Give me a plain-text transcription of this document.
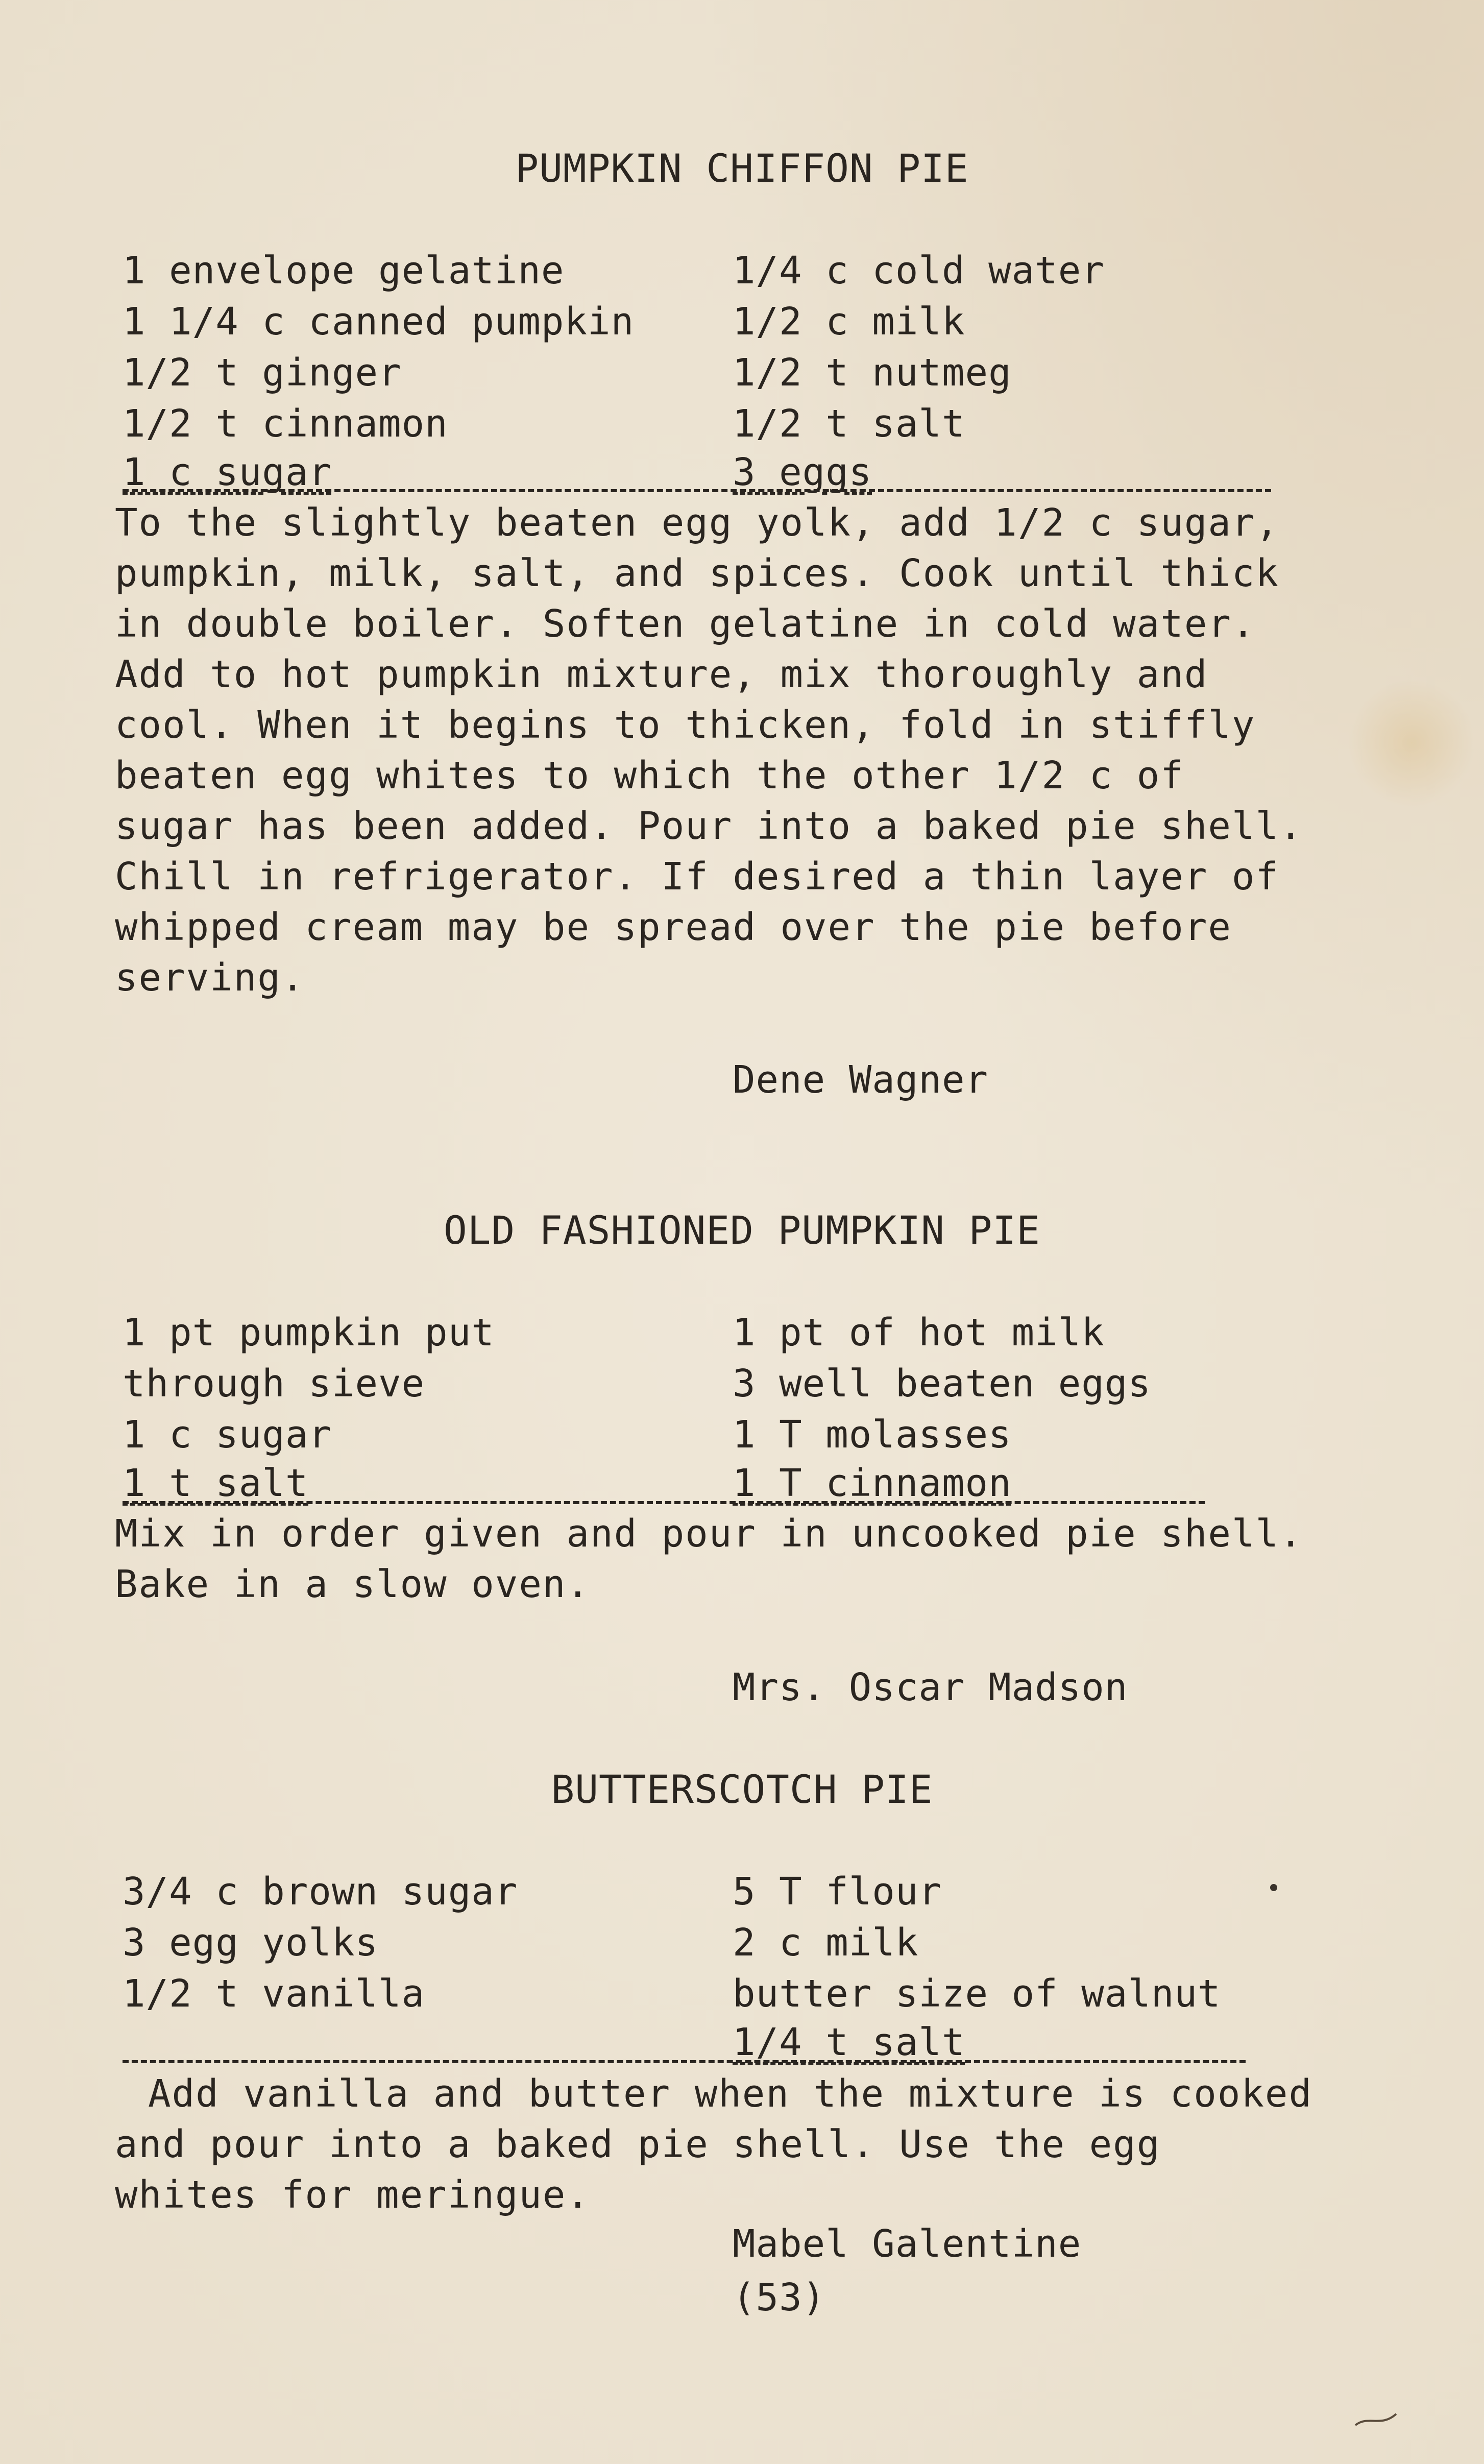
PUMPKIN CHIFFON PIE
1 envelope gelatine
1 1/4 c canned pumpkin
1/2 t ginger
1/2 t cinnamon
1 c sugar
1/4 c cold water
1/2 c milk
1/2 t nutmeg
1/2 t salt
3 eggs
To the slightly beaten egg yolk, add 1/2 c sugar,
pumpkin, milk, salt, and spices. Cook until thick
in double boiler. Soften gelatine in cold water.
Add to hot pumpkin mixture, mix thoroughly and
cool. When it begins to thicken, fold in stiffly
beaten egg whites to which the other 1/2 c of
sugar has been added. Pour into a baked pie shell.
Chill in refrigerator. If desired a thin layer of
whipped cream may be spread over the pie before
serving.
Dene Wagner
OLD FASHIONED PUMPKIN PIE
1 pt pumpkin put
through sieve
1 c sugar
1 t salt
1 pt of hot milk
3 well beaten eggs
1 T molasses
1 T cinnamon
Mix in order given and pour in uncooked pie shell.
Bake in a slow oven.
Mrs. Oscar Madson
BUTTERSCOTCH PIE
3/4 c brown sugar
3 egg yolks
1/2 t vanilla
5 T flour
2 c milk
butter size of walnut
1/4 t salt
Add vanilla and butter when the mixture is cooked
and pour into a baked pie shell. Use the egg
whites for meringue.
Mabel Galentine
(53)
